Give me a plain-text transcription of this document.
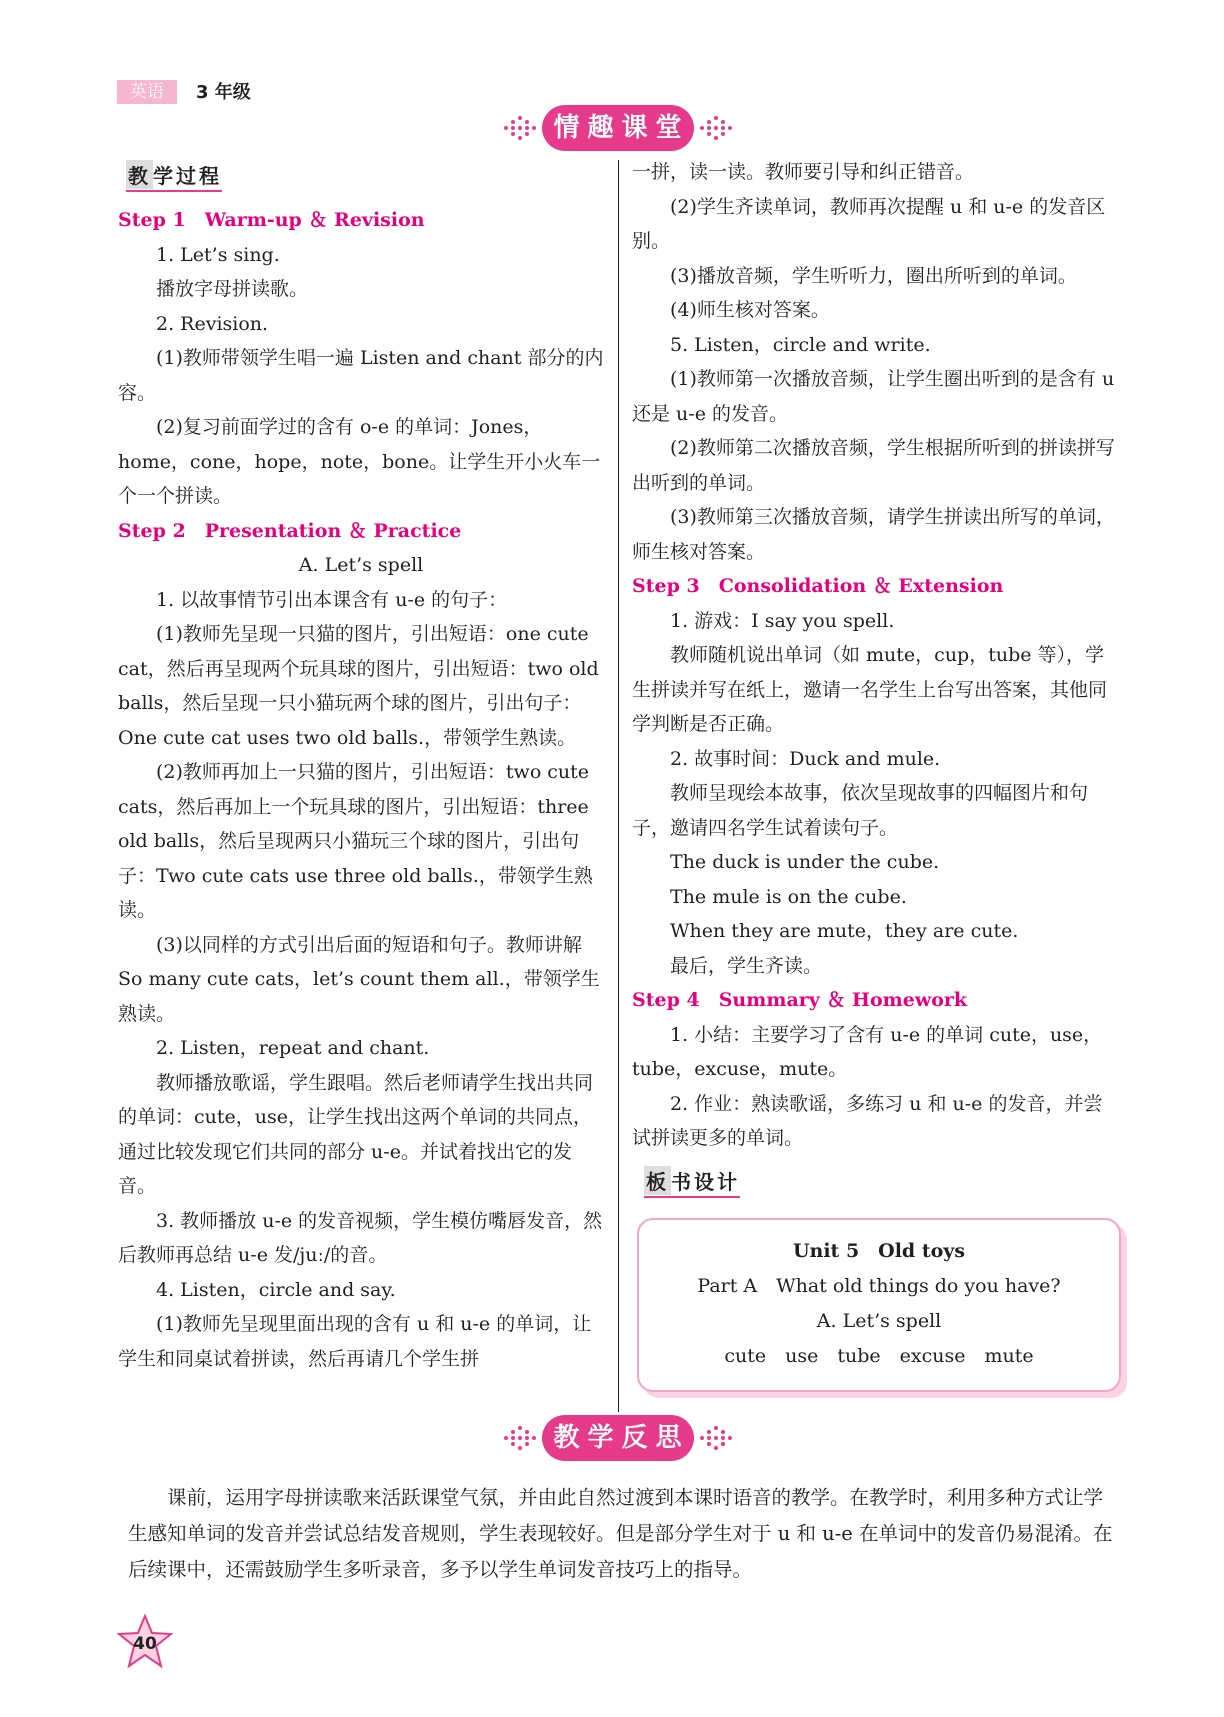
英语	3 年级
情 趣 课 堂
教 学过程

Step 1　Warm-up ＆ Revision

1. Let’s sing.

播放字母拼读歌。

2. Revision.

(1)教师带领学生唱一遍 Listen and chant 部分的内容。

(2)复习前面学过的含有 o-e 的单词：Jones，home，cone，hope，note，bone。让学生开小火车一个一个拼读。

Step 2　Presentation ＆ Practice

A. Let’s spell

1. 以故事情节引出本课含有 u-e 的句子：

(1)教师先呈现一只猫的图片，引出短语：one cute cat，然后再呈现两个玩具球的图片，引出短语：two old balls，然后呈现一只小猫玩两个球的图片，引出句子：One cute cat uses two old balls.，带领学生熟读。

(2)教师再加上一只猫的图片，引出短语：two cute cats，然后再加上一个玩具球的图片，引出短语：three old balls，然后呈现两只小猫玩三个球的图片，引出句子：Two cute cats use three old balls.，带领学生熟读。

(3)以同样的方式引出后面的短语和句子。教师讲解 So many cute cats，let’s count them all.，带领学生熟读。

2. Listen，repeat and chant.

教师播放歌谣，学生跟唱。然后老师请学生找出共同的单词：cute，use，让学生找出这两个单词的共同点，通过比较发现它们共同的部分 u-e。并试着找出它的发音。

3. 教师播放 u-e 的发音视频，学生模仿嘴唇发音，然后教师再总结 u-e 发/juː/的音。

4. Listen，circle and say.

(1)教师先呈现里面出现的含有 u 和 u-e 的单词，让学生和同桌试着拼读，然后再请几个学生拼

一拼，读一读。教师要引导和纠正错音。

(2)学生齐读单词，教师再次提醒 u 和 u-e 的发音区别。

(3)播放音频，学生听听力，圈出所听到的单词。

(4)师生核对答案。

5. Listen，circle and write.

(1)教师第一次播放音频，让学生圈出听到的是含有 u 还是 u-e 的发音。

(2)教师第二次播放音频，学生根据所听到的拼读拼写出听到的单词。

(3)教师第三次播放音频，请学生拼读出所写的单词，师生核对答案。

Step 3　Consolidation ＆ Extension

1. 游戏：I say you spell.

教师随机说出单词（如 mute，cup，tube 等），学生拼读并写在纸上，邀请一名学生上台写出答案，其他同学判断是否正确。

2. 故事时间：Duck and mule.

教师呈现绘本故事，依次呈现故事的四幅图片和句子，邀请四名学生试着读句子。

The duck is under the cube.

The mule is on the cube.

When they are mute，they are cute.

最后，学生齐读。

Step 4　Summary ＆ Homework

1. 小结：主要学习了含有 u-e 的单词 cute，use，tube，excuse，mute。

2. 作业：熟读歌谣，多练习 u 和 u-e 的发音，并尝试拼读更多的单词。

板 书设计

Unit 5　Old toys

Part A　What old things do you have?

A. Let’s spell

cute　use　tube　excuse　mute

教 学 反 思

课前，运用字母拼读歌来活跃课堂气氛，并由此自然过渡到本课时语音的教学。在教学时，利用多种方式让学生感知单词的发音并尝试总结发音规则，学生表现较好。但是部分学生对于 u 和 u-e 在单词中的发音仍易混淆。在后续课中，还需鼓励学生多听录音，多予以学生单词发音技巧上的指导。

40
